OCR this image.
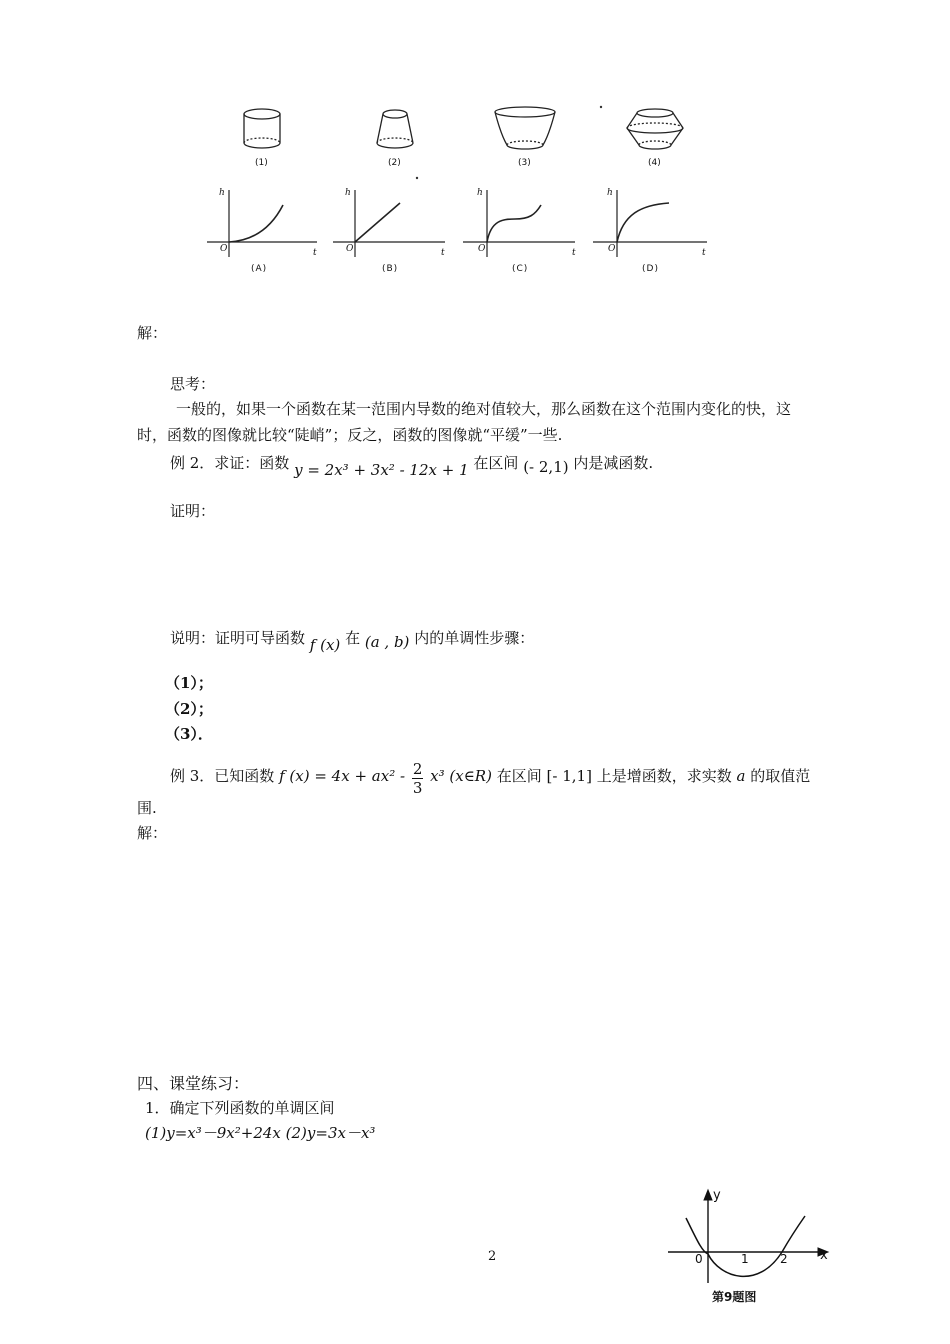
(1)	(2)	(3)	(4)
h	h	h	h
t	t	t	t
O	O	O	O
(A)	(B)	(C)	(D)
解：
思考：
一般的，如果一个函数在某一范围内导数的绝对值较大，那么函数在这个范围内变化的快，这
时，函数的图像就比较“陡峭”；反之，函数的图像就“平缓”一些.
例 2．求证：函数 y = 2x³ + 3x² - 12x + 1 在区间 (- 2,1) 内是减函数.
证明：
说明：证明可导函数 f (x) 在 (a , b) 内的单调性步骤：
（1）；
（2）；
（3）．
例 3．已知函数 f $(x) = 4x + ax^2 - \frac{2}{3} x^3$ (x∈R) 在区间 [- 1,1] 上是增函数，求实数 a 的取值范
围.
解：
四、课堂练习：
1．确定下列函数的单调区间
(1)y=x³－9x²+24x (2)y=3x－x³
2
y
x
0	1	2
第9题图
